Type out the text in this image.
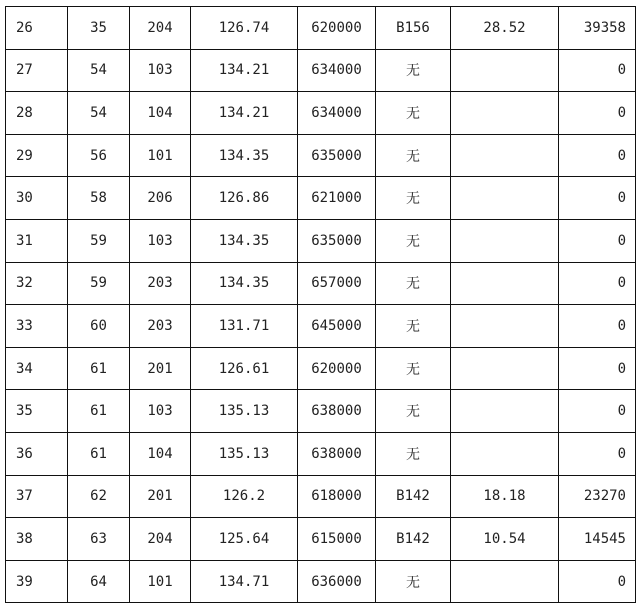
26	35	204	126.74	620000	B156	28.52	39358
27	54	103	134.21	634000	无		0
28	54	104	134.21	634000	无		0
29	56	101	134.35	635000	无		0
30	58	206	126.86	621000	无		0
31	59	103	134.35	635000	无		0
32	59	203	134.35	657000	无		0
33	60	203	131.71	645000	无		0
34	61	201	126.61	620000	无		0
35	61	103	135.13	638000	无		0
36	61	104	135.13	638000	无		0
37	62	201	126.2	618000	B142	18.18	23270
38	63	204	125.64	615000	B142	10.54	14545
39	64	101	134.71	636000	无		0
